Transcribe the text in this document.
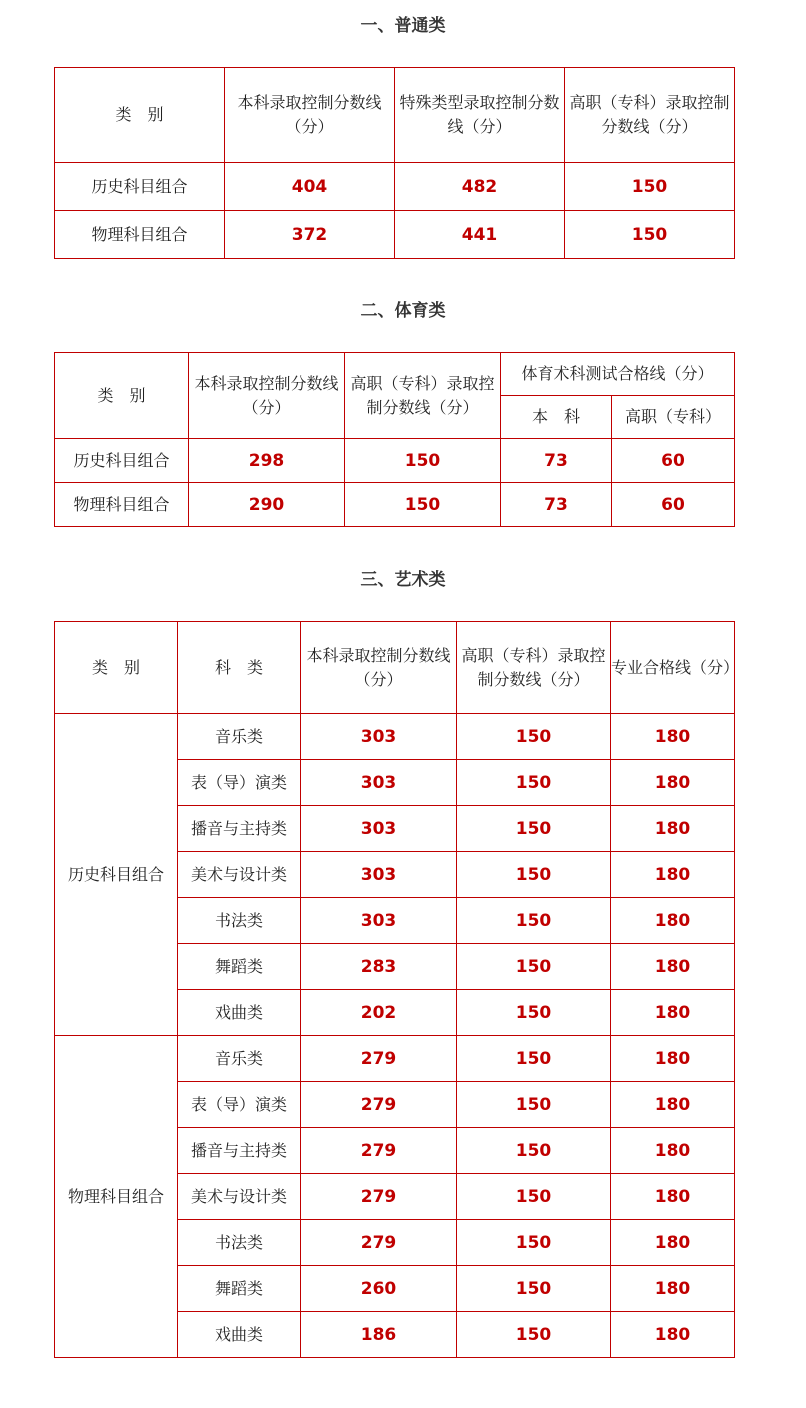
一、普通类
类　别	本科录取控制分数线（分）	特殊类型录取控制分数线（分）	高职（专科）录取控制分数线（分）
历史科目组合	404	482	150
物理科目组合	372	441	150
二、体育类
类　别	本科录取控制分数线（分）	高职（专科）录取控制分数线（分）	体育术科测试合格线（分）	
			本　科	高职（专科）
历史科目组合	298	150	73	60
物理科目组合	290	150	73	60
三、艺术类
类　别	科　类	本科录取控制分数线（分）	高职（专科）录取控制分数线（分）	专业合格线（分）
历史科目组合	音乐类	303	150	180
	表（导）演类	303	150	180
	播音与主持类	303	150	180
	美术与设计类	303	150	180
	书法类	303	150	180
	舞蹈类	283	150	180
	戏曲类	202	150	180
物理科目组合	音乐类	279	150	180
	表（导）演类	279	150	180
	播音与主持类	279	150	180
	美术与设计类	279	150	180
	书法类	279	150	180
	舞蹈类	260	150	180
	戏曲类	186	150	180
